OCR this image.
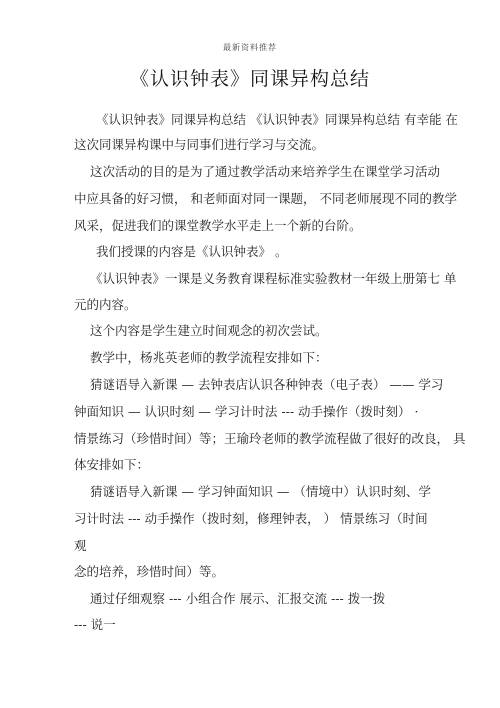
最新资料推荐
《认识钟表》同课异构总结
《认识钟表》同课异构总结 《认识钟表》同课异构总结 有幸能 在
这次同课异构课中与同事们进行学习与交流。
这次活动的目的是为了通过教学活动来培养学生在课堂学习活动
中应具备的好习惯， 和老师面对同一课题， 不同老师展现不同的教学
风采，促进我们的课堂教学水平走上一个新的台阶。
我们授课的内容是《认识钟表》 。
《认识钟表》一课是义务教育课程标准实验教材一年级上册第七 单
元的内容。
这个内容是学生建立时间观念的初次尝试。
教学中，杨兆英老师的教学流程安排如下：
猜谜语导入新课 — 去钟表店认识各种钟表（电子表） —— 学习
钟面知识 — 认识时刻 — 学习计时法 --- 动手操作（拨时刻） ·
情景练习（珍惜时间）等；王瑜玲老师的教学流程做了很好的改良， 具
体安排如下：
猜谜语导入新课 — 学习钟面知识 — （情境中）认识时刻、学
习计时法 --- 动手操作（拨时刻，修理钟表， ） 情景练习（时间
观
念的培养，珍惜时间）等。
通过仔细观察 --- 小组合作 展示、汇报交流 --- 拨一拨
--- 说一
